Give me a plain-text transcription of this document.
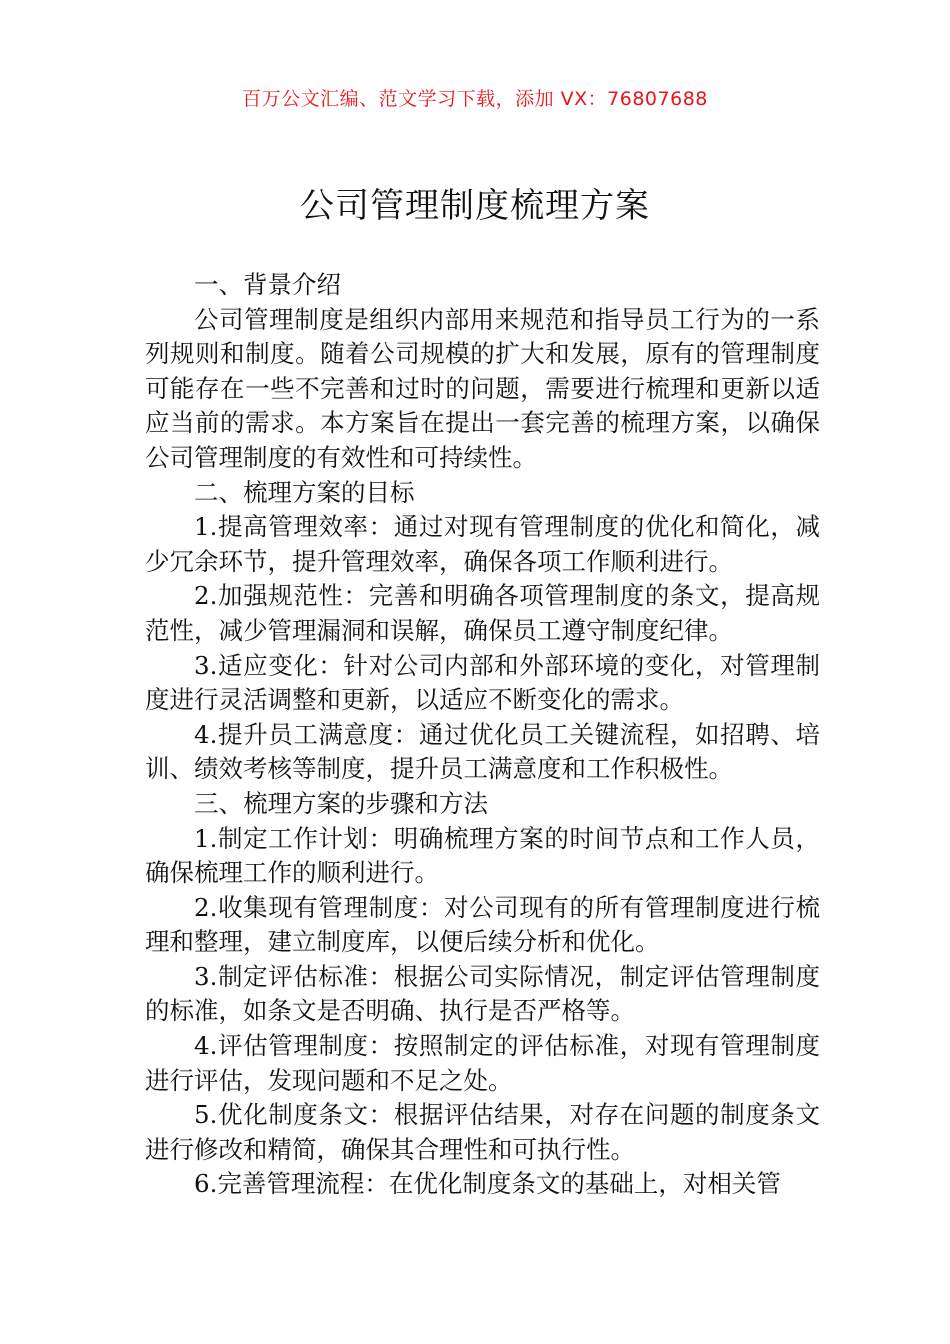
百万公文汇编、范文学习下载，添加 VX：76807688
公司管理制度梳理方案

一、背景介绍

公司管理制度是组织内部用来规范和指导员工行为的一系列规则和制度。随着公司规模的扩大和发展，原有的管理制度可能存在一些不完善和过时的问题，需要进行梳理和更新以适应当前的需求。本方案旨在提出一套完善的梳理方案，以确保公司管理制度的有效性和可持续性。

二、梳理方案的目标

1.提高管理效率：通过对现有管理制度的优化和简化，减少冗余环节，提升管理效率，确保各项工作顺利进行。

2.加强规范性：完善和明确各项管理制度的条文，提高规范性，减少管理漏洞和误解，确保员工遵守制度纪律。

3.适应变化：针对公司内部和外部环境的变化，对管理制度进行灵活调整和更新，以适应不断变化的需求。

4.提升员工满意度：通过优化员工关键流程，如招聘、培训、绩效考核等制度，提升员工满意度和工作积极性。

三、梳理方案的步骤和方法

1.制定工作计划：明确梳理方案的时间节点和工作人员，确保梳理工作的顺利进行。

2.收集现有管理制度：对公司现有的所有管理制度进行梳理和整理，建立制度库，以便后续分析和优化。

3.制定评估标准：根据公司实际情况，制定评估管理制度的标准，如条文是否明确、执行是否严格等。

4.评估管理制度：按照制定的评估标准，对现有管理制度进行评估，发现问题和不足之处。

5.优化制度条文：根据评估结果，对存在问题的制度条文进行修改和精简，确保其合理性和可执行性。

6.完善管理流程：在优化制度条文的基础上，对相关管
